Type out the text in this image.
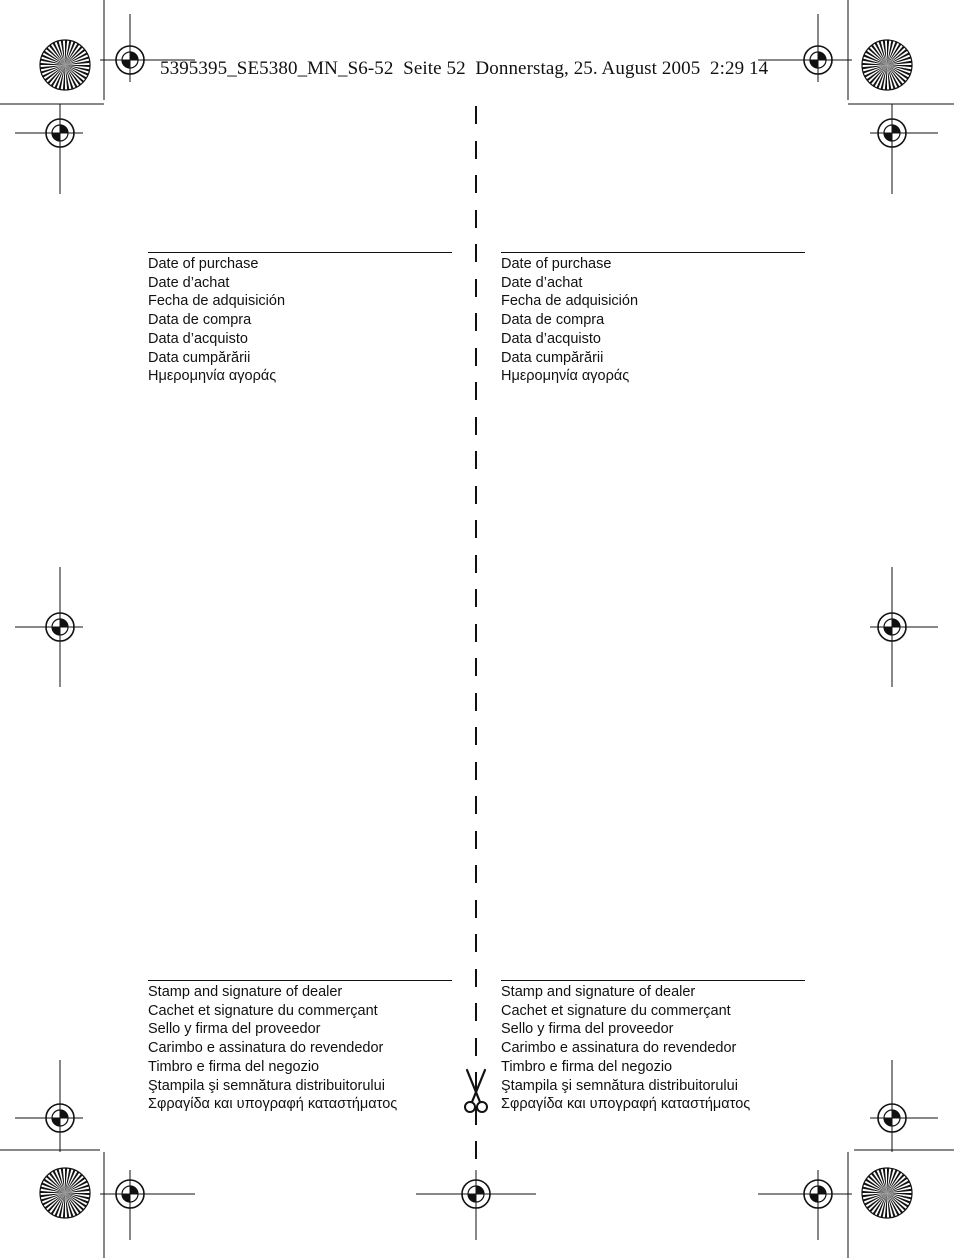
5395395_SE5380_MN_S6-52  Seite 52  Donnerstag, 25. August 2005  2:29 14
Date of purchase
Date d’achat
Fecha de adquisición
Data de compra
Data d’acquisto
Data cumpărării
Ημερομηνία αγοράς
Date of purchase
Date d’achat
Fecha de adquisición
Data de compra
Data d’acquisto
Data cumpărării
Ημερομηνία αγοράς
Stamp and signature of dealer
Cachet et signature du commerçant
Sello y firma del proveedor
Carimbo e assinatura do revendedor
Timbro e firma del negozio
Ştampila şi semnătura distribuitorului
Σφραγίδα και υπογραφή καταστήματος
Stamp and signature of dealer
Cachet et signature du commerçant
Sello y firma del proveedor
Carimbo e assinatura do revendedor
Timbro e firma del negozio
Ştampila şi semnătura distribuitorului
Σφραγίδα και υπογραφή καταστήματος
